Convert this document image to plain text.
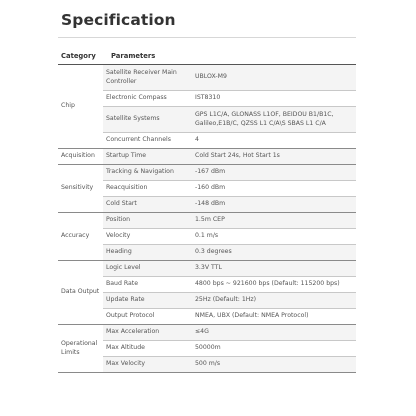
Specification
Category	Parameters	
Chip	Satellite Receiver Main Controller	UBLOX-M9
	Electronic Compass	IST8310
	Satellite Systems	GPS L1C/A, GLONASS L1OF, BEIDOU B1/B1C, Galileo,E1B/C, QZSS L1 C/A\S SBAS L1 C/A
	Concurrent Channels	4
Acquisition	Startup Time	Cold Start 24s, Hot Start 1s
Sensitivity	Tracking & Navigation	-167 dBm
	Reacquisition	-160 dBm
	Cold Start	-148 dBm
Accuracy	Position	1.5m CEP
	Velocity	0.1 m/s
	Heading	0.3 degrees
Data Output	Logic Level	3.3V TTL
	Baud Rate	4800 bps ~ 921600 bps (Default: 115200 bps)
	Update Rate	25Hz (Default: 1Hz)
	Output Protocol	NMEA, UBX (Default: NMEA Protocol)
Operational Limits	Max Acceleration	≤4G
	Max Altitude	50000m
	Max Velocity	500 m/s
